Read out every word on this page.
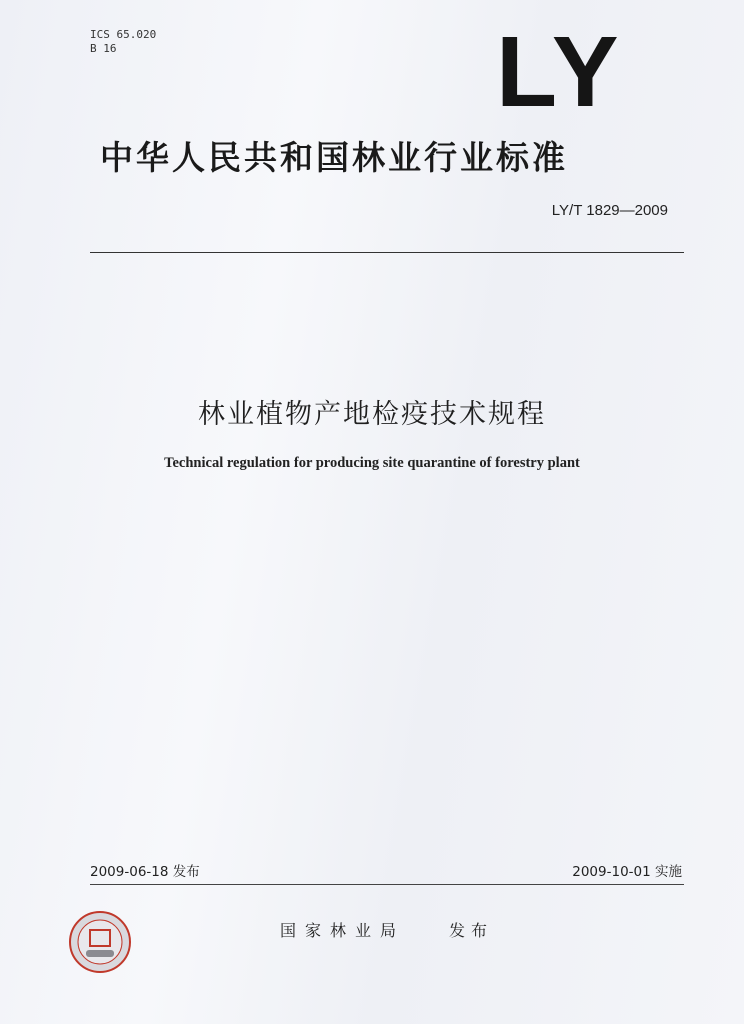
ICS 65.020
B 16	LY
中华人民共和国林业行业标准
LY/T 1829—2009
林业植物产地检疫技术规程
Technical regulation for producing site quarantine of forestry plant
2009-06-18 发布	2009-10-01 实施
国家林业局	发布
